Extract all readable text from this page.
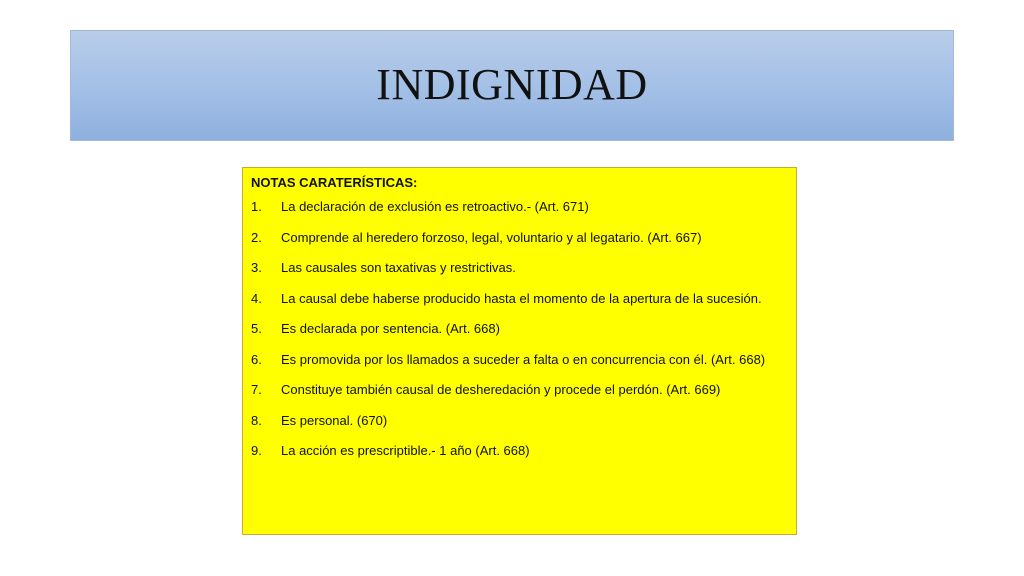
INDIGNIDAD
NOTAS CARATERÍSTICAS:
1.	La declaración de exclusión es retroactivo.- (Art. 671)
2.	Comprende al heredero forzoso, legal, voluntario y al legatario. (Art. 667)
3.	Las causales son taxativas y restrictivas.
4.	La causal debe haberse producido hasta el momento de la apertura de la sucesión.
5.	Es declarada por sentencia. (Art. 668)
6.	Es promovida por los llamados a suceder a falta o en concurrencia con él. (Art. 668)
7.	Constituye también causal de desheredación y procede el perdón. (Art. 669)
8.	Es personal. (670)
9.	La acción es prescriptible.- 1 año (Art. 668)
